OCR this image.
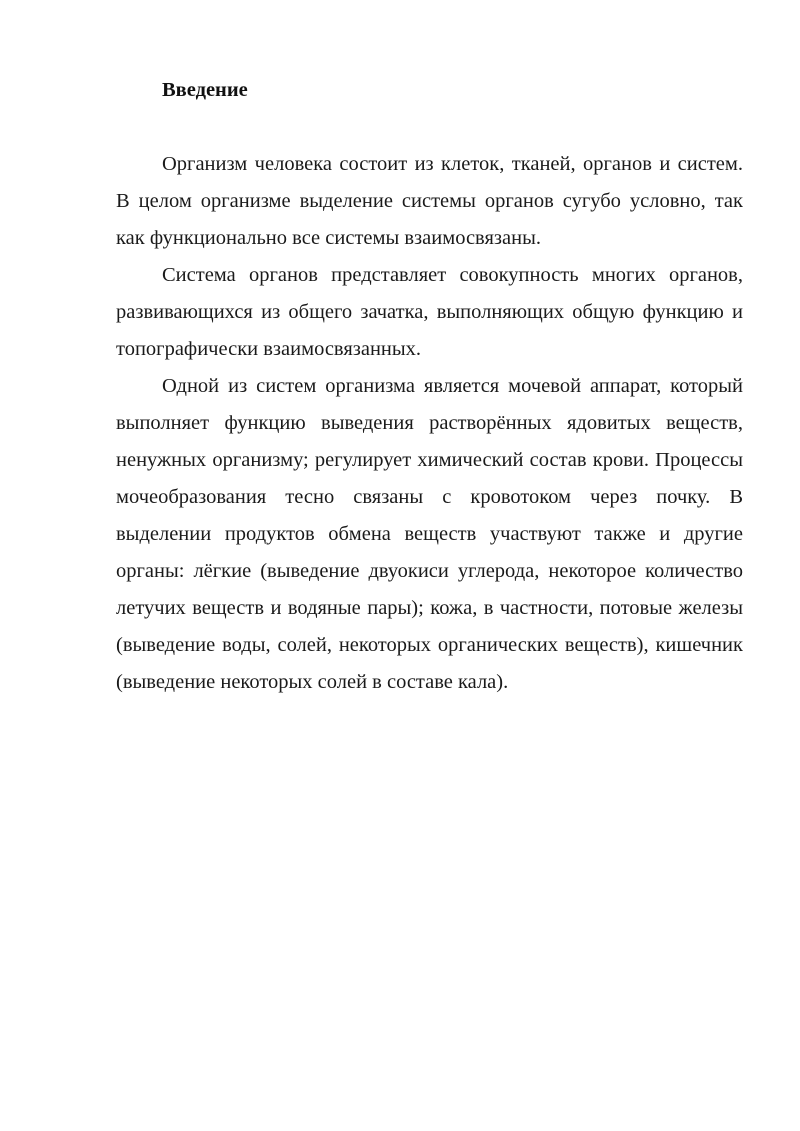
Введение

Организм человека состоит из клеток, тканей, органов и систем. В целом организме выделение системы органов сугубо условно, так как функционально все системы взаимосвязаны.

Система органов представляет совокупность многих органов, развивающихся из общего зачатка, выполняющих общую функцию и топографически взаимосвязанных.

Одной из систем организма является мочевой аппарат, который выполняет функцию выведения растворённых ядовитых веществ, ненужных организму; регулирует химический состав крови. Процессы мочеобразования тесно связаны с кровотоком через почку. В выделении продуктов обмена веществ участвуют также и другие органы: лёгкие (выведение двуокиси углерода, некоторое количество летучих веществ и водяные пары); кожа, в частности, потовые железы (выведение воды, солей, некоторых органических веществ), кишечник (выведение некоторых солей в составе кала).
